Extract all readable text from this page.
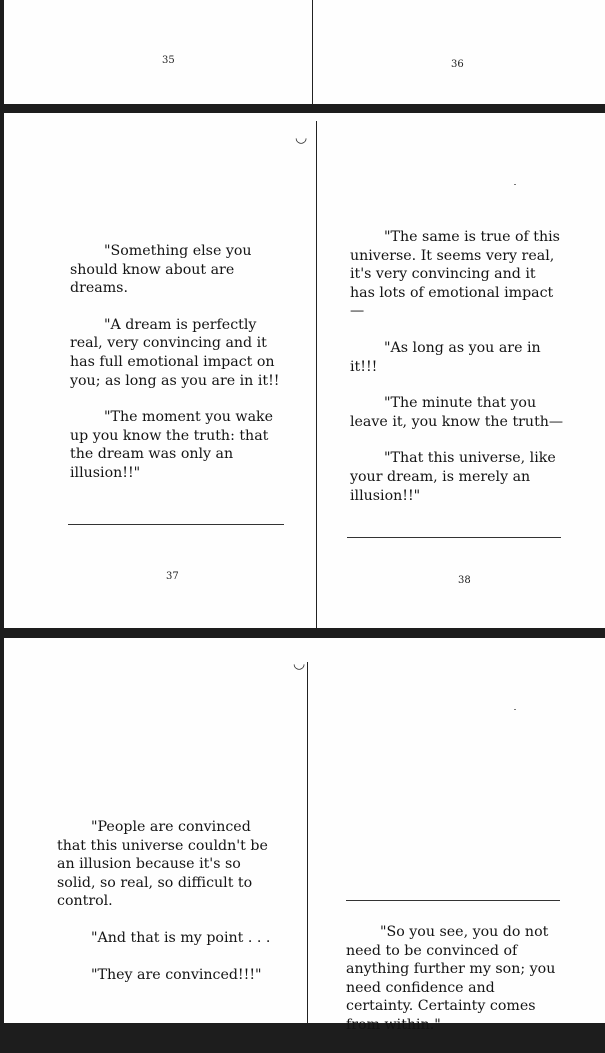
35	36
◡

"Something else you should know about are dreams.

"A dream is perfectly real, very convincing and it has full emotional impact on you; as long as you are in it!!

"The moment you wake up you know the truth: that the dream was only an illusion!!"

37

"The same is true of this universe. It seems very real, it's very convincing and it has lots of emotional impact—

"As long as you are in it!!!

"The minute that you leave it, you know the truth—

"That this universe, like your dream, is merely an illusion!!"

38
◡

"People are convinced that this universe couldn't be an illusion because it's so solid, so real, so difficult to control.

"And that is my point . . .

"They are convinced!!!"

"So you see, you do not need to be convinced of anything further my son; you need confidence and certainty. Certainty comes from within."
